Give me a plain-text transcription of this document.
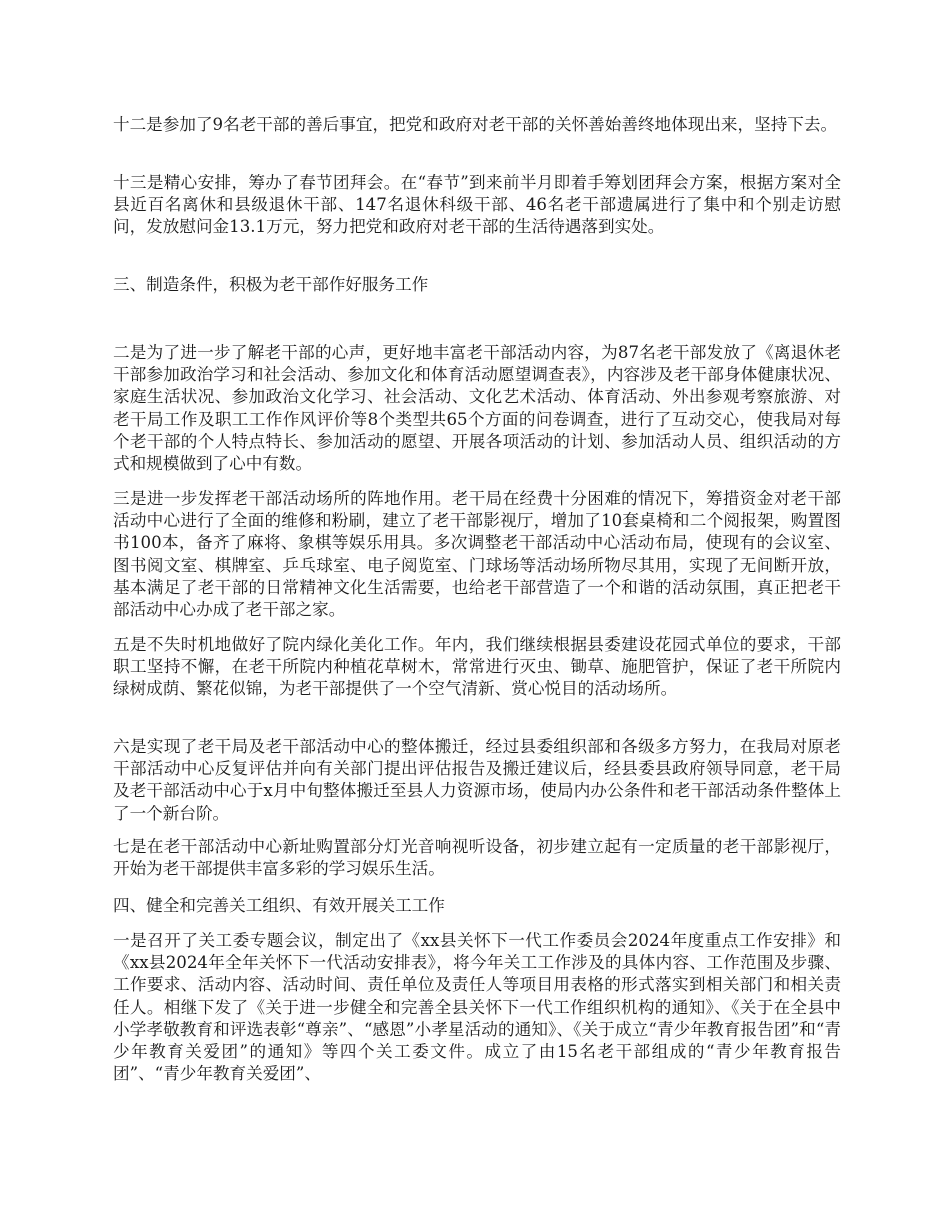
十二是参加了9名老干部的善后事宜，把党和政府对老干部的关怀善始善终地体现出来，坚持下去。

十三是精心安排，筹办了春节团拜会。在“春节”到来前半月即着手筹划团拜会方案，根据方案对全县近百名离休和县级退休干部、147名退休科级干部、46名老干部遗属进行了集中和个别走访慰问，发放慰问金13.1万元，努力把党和政府对老干部的生活待遇落到实处。

三、制造条件，积极为老干部作好服务工作

二是为了进一步了解老干部的心声，更好地丰富老干部活动内容，为87名老干部发放了《离退休老干部参加政治学习和社会活动、参加文化和体育活动愿望调查表》，内容涉及老干部身体健康状况、家庭生活状况、参加政治文化学习、社会活动、文化艺术活动、体育活动、外出参观考察旅游、对老干局工作及职工工作作风评价等8个类型共65个方面的问卷调查，进行了互动交心，使我局对每个老干部的个人特点特长、参加活动的愿望、开展各项活动的计划、参加活动人员、组织活动的方式和规模做到了心中有数。

三是进一步发挥老干部活动场所的阵地作用。老干局在经费十分困难的情况下，筹措资金对老干部活动中心进行了全面的维修和粉刷，建立了老干部影视厅，增加了10套桌椅和二个阅报架，购置图书100本，备齐了麻将、象棋等娱乐用具。多次调整老干部活动中心活动布局，使现有的会议室、图书阅文室、棋牌室、乒乓球室、电子阅览室、门球场等活动场所物尽其用，实现了无间断开放，基本满足了老干部的日常精神文化生活需要，也给老干部营造了一个和谐的活动氛围，真正把老干部活动中心办成了老干部之家。

五是不失时机地做好了院内绿化美化工作。年内，我们继续根据县委建设花园式单位的要求，干部职工坚持不懈，在老干所院内种植花草树木，常常进行灭虫、锄草、施肥管护，保证了老干所院内绿树成荫、繁花似锦，为老干部提供了一个空气清新、赏心悦目的活动场所。

六是实现了老干局及老干部活动中心的整体搬迁，经过县委组织部和各级多方努力，在我局对原老干部活动中心反复评估并向有关部门提出评估报告及搬迁建议后，经县委县政府领导同意，老干局及老干部活动中心于x月中旬整体搬迁至县人力资源市场，使局内办公条件和老干部活动条件整体上了一个新台阶。

七是在老干部活动中心新址购置部分灯光音响视听设备，初步建立起有一定质量的老干部影视厅，开始为老干部提供丰富多彩的学习娱乐生活。

四、健全和完善关工组织、有效开展关工工作

一是召开了关工委专题会议，制定出了《xx县关怀下一代工作委员会2024年度重点工作安排》和《xx县2024年全年关怀下一代活动安排表》，将今年关工工作涉及的具体内容、工作范围及步骤、工作要求、活动内容、活动时间、责任单位及责任人等项目用表格的形式落实到相关部门和相关责任人。相继下发了《关于进一步健全和完善全县关怀下一代工作组织机构的通知》、《关于在全县中小学孝敬教育和评选表彰“尊亲”、“感恩”小孝星活动的通知》、《关于成立“青少年教育报告团”和“青少年教育关爱团”的通知》等四个关工委文件。成立了由15名老干部组成的“青少年教育报告团”、“青少年教育关爱团”、
